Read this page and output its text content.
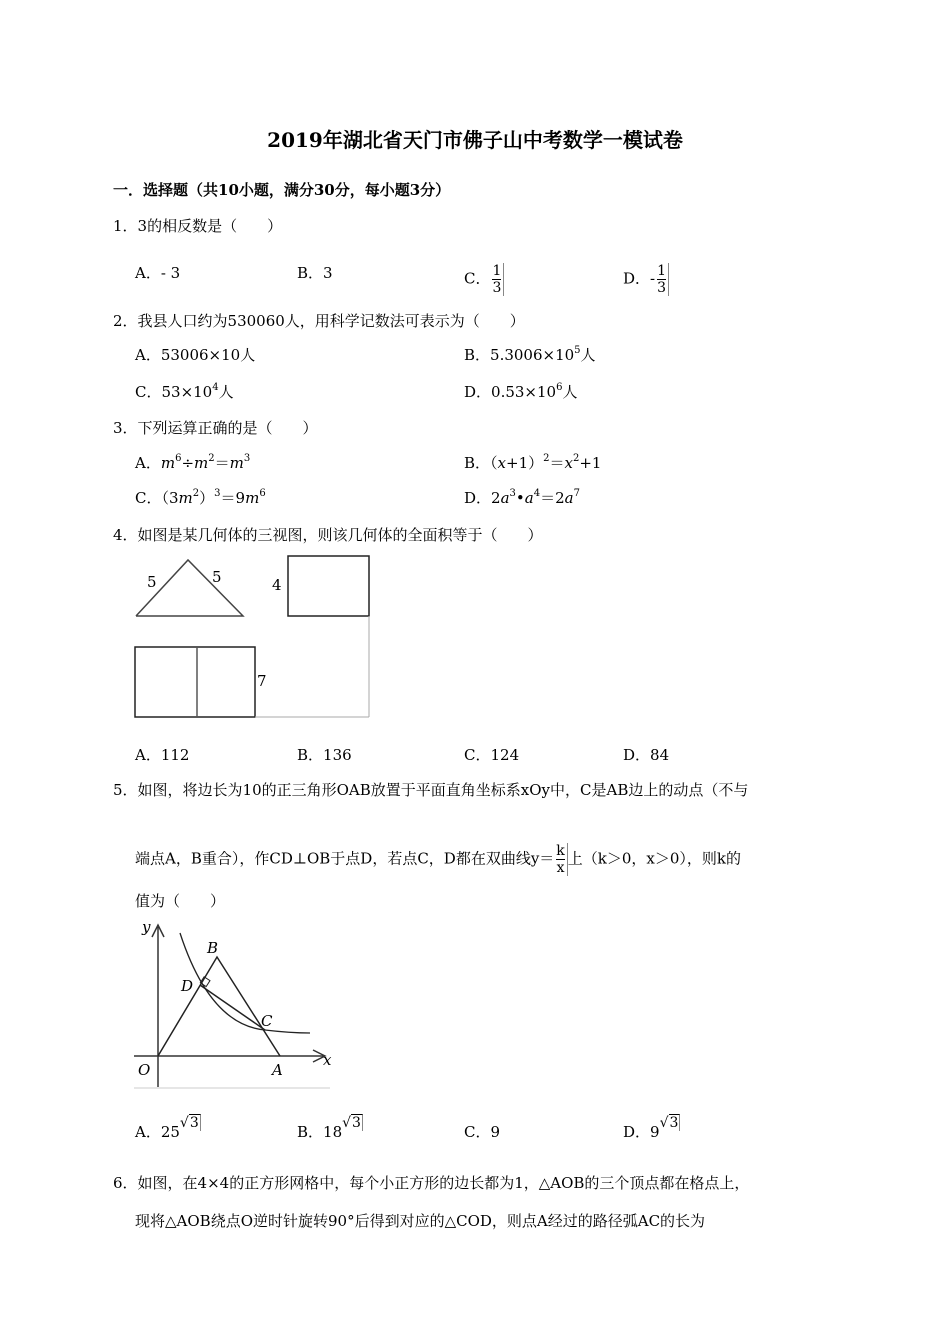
2019年湖北省天门市佛子山中考数学一模试卷
一．选择题（共10小题，满分30分，每小题3分）
1．3的相反数是（　　）
A．- 3	B．3	C． $\frac{1}{3}$	D．- $\frac{1}{3}$
2．我县人口约为530060人，用科学记数法可表示为（　　）
A．53006×10人	B．$5.3006\times 10^5$人
C．$53\times 10^4$人	D．$0.53\times 10^6$人
3．下列运算正确的是（　　）
A．$m^6\div m^2=m^3$	B．$(x+1)^2=x^2+1$
C．$(3m^2)^3=9m^6$	D．$2a^3•a^4=2a^7$
4．如图是某几何体的三视图，则该几何体的全面积等于（　　）
5	5	4
7
A．112	B．136	C．124	D．84
5．如图，将边长为10的正三角形OAB放置于平面直角坐标系xOy中，C是AB边上的动点（不与
端点A，B重合），作CD⊥OB于点D，若点C，D都在双曲线$y= \frac{k}{x}$ 上（k＞0，x＞0），则k的
值为（　　）
y
x
O	A
B
D
C
A．25√3	B．18√3	C．9	D．9√3
6．如图，在4×4的正方形网格中，每个小正方形的边长都为1，△AOB的三个顶点都在格点上，
现将△AOB绕点O逆时针旋转90°后得到对应的△COD，则点A经过的路径弧AC的长为
